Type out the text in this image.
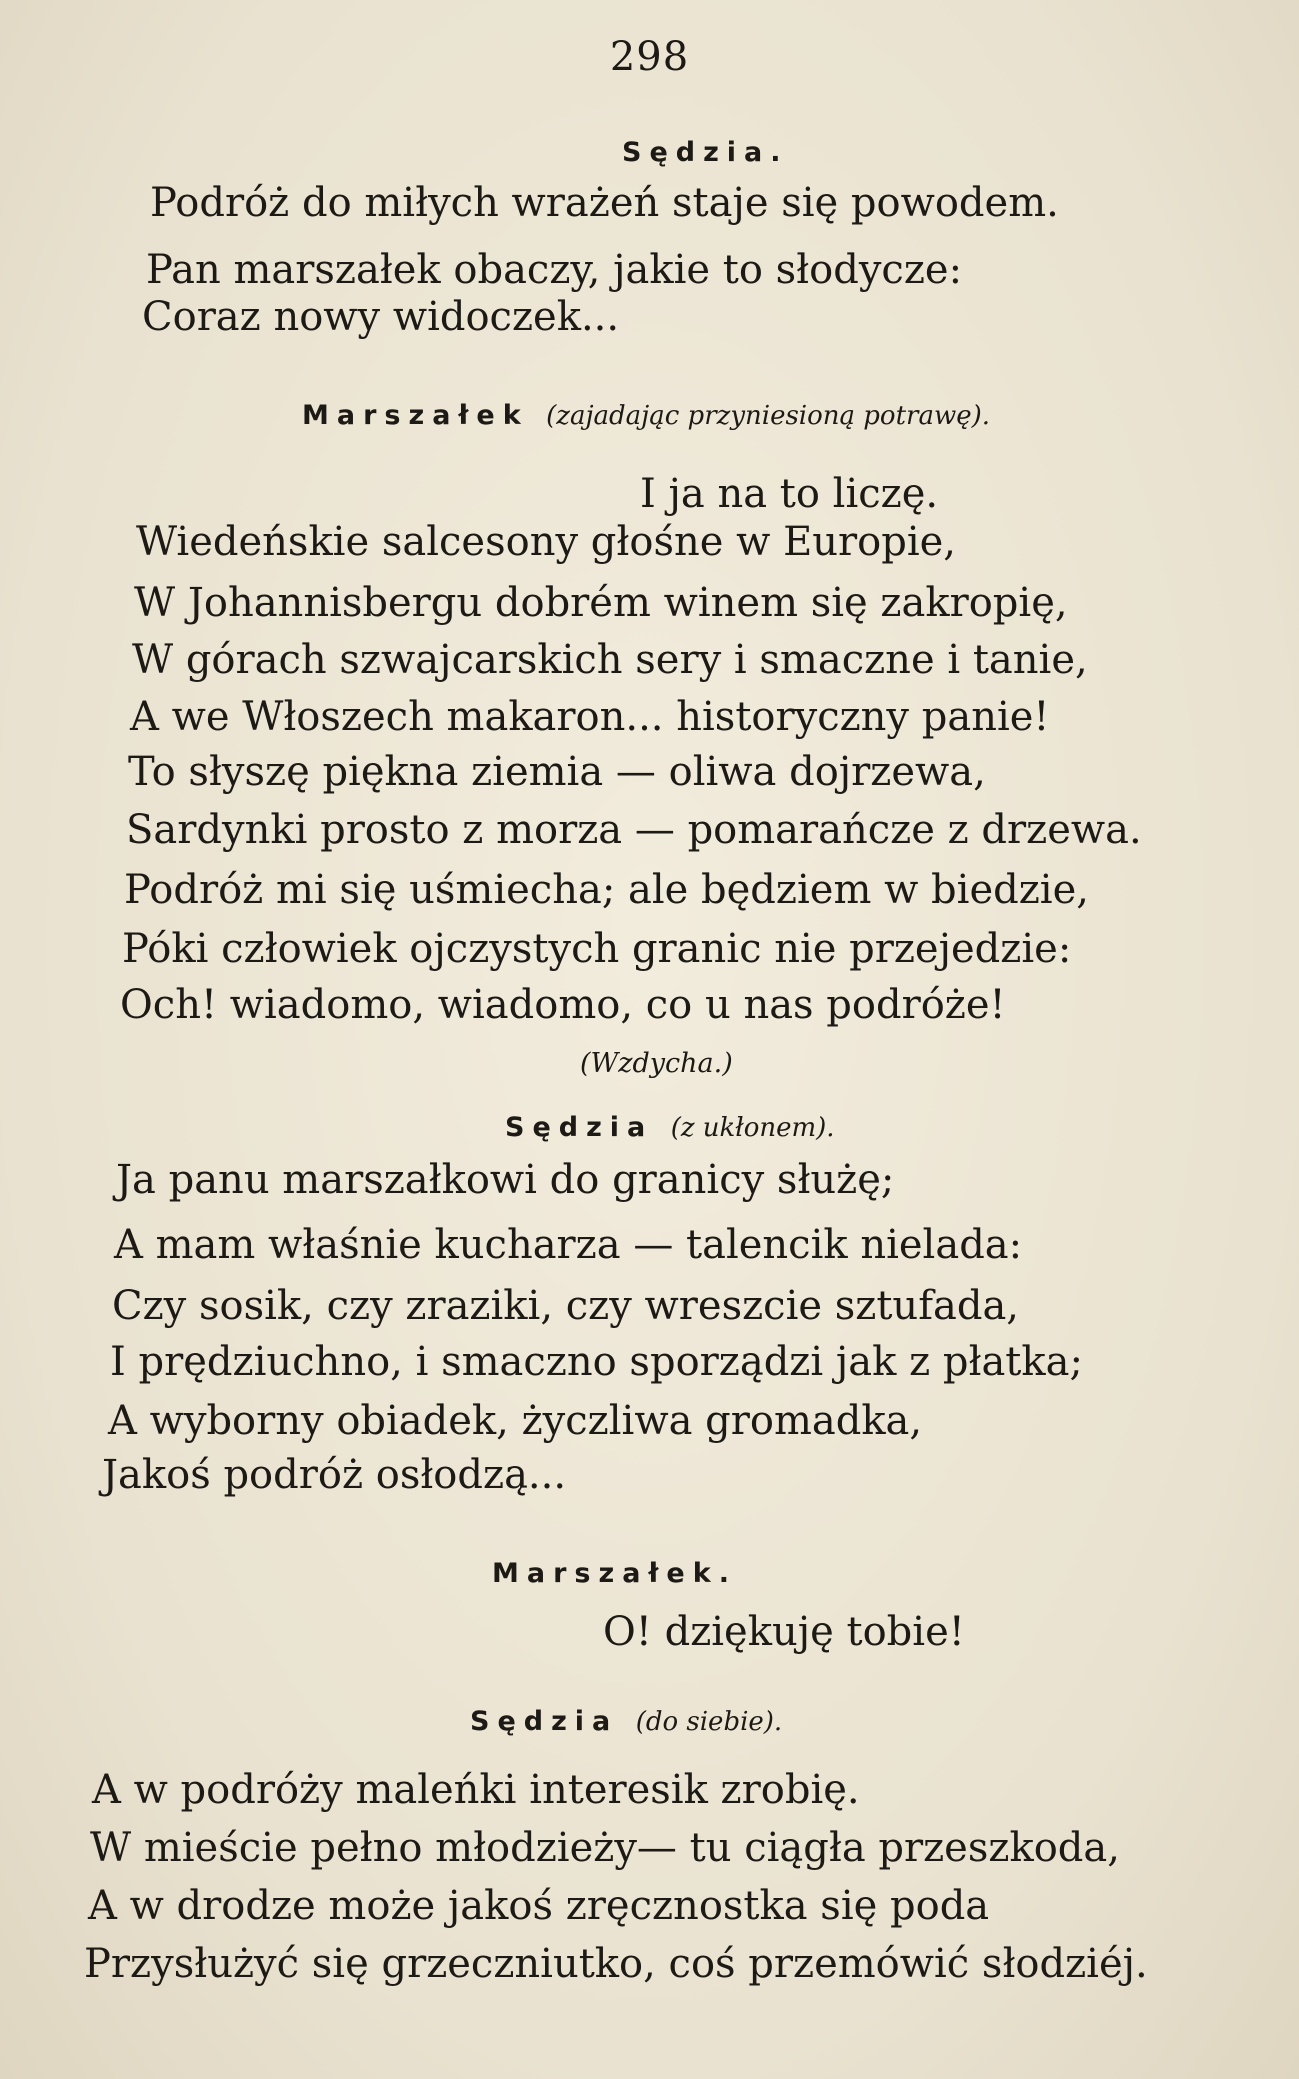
298
Sędzia.
Podróż do miłych wrażeń staje się powodem.
Pan marszałek obaczy, jakie to słodycze:
Coraz nowy widoczek...
Marszałek (zajadając przyniesioną potrawę).
I ja na to liczę.
Wiedeńskie salcesony głośne w Europie,
W Johannisbergu dobrém winem się zakropię,
W górach szwajcarskich sery i smaczne i tanie,
A we Włoszech makaron... historyczny panie!
To słyszę piękna ziemia — oliwa dojrzewa,
Sardynki prosto z morza — pomarańcze z drzewa.
Podróż mi się uśmiecha; ale będziem w biedzie,
Póki człowiek ojczystych granic nie przejedzie:
Och! wiadomo, wiadomo, co u nas podróże!
(Wzdycha.)
Sędzia (z ukłonem).
Ja panu marszałkowi do granicy służę;
A mam właśnie kucharza — talencik nielada:
Czy sosik, czy zraziki, czy wreszcie sztufada,
I prędziuchno, i smaczno sporządzi jak z płatka;
A wyborny obiadek, życzliwa gromadka,
Jakoś podróż osłodzą...
Marszałek.
O! dziękuję tobie!
Sędzia (do siebie).
A w podróży maleńki interesik zrobię.
W mieście pełno młodzieży— tu ciągła przeszkoda,
A w drodze może jakoś zręcznostka się poda
Przysłużyć się grzeczniutko, coś przemówić słodziéj.
